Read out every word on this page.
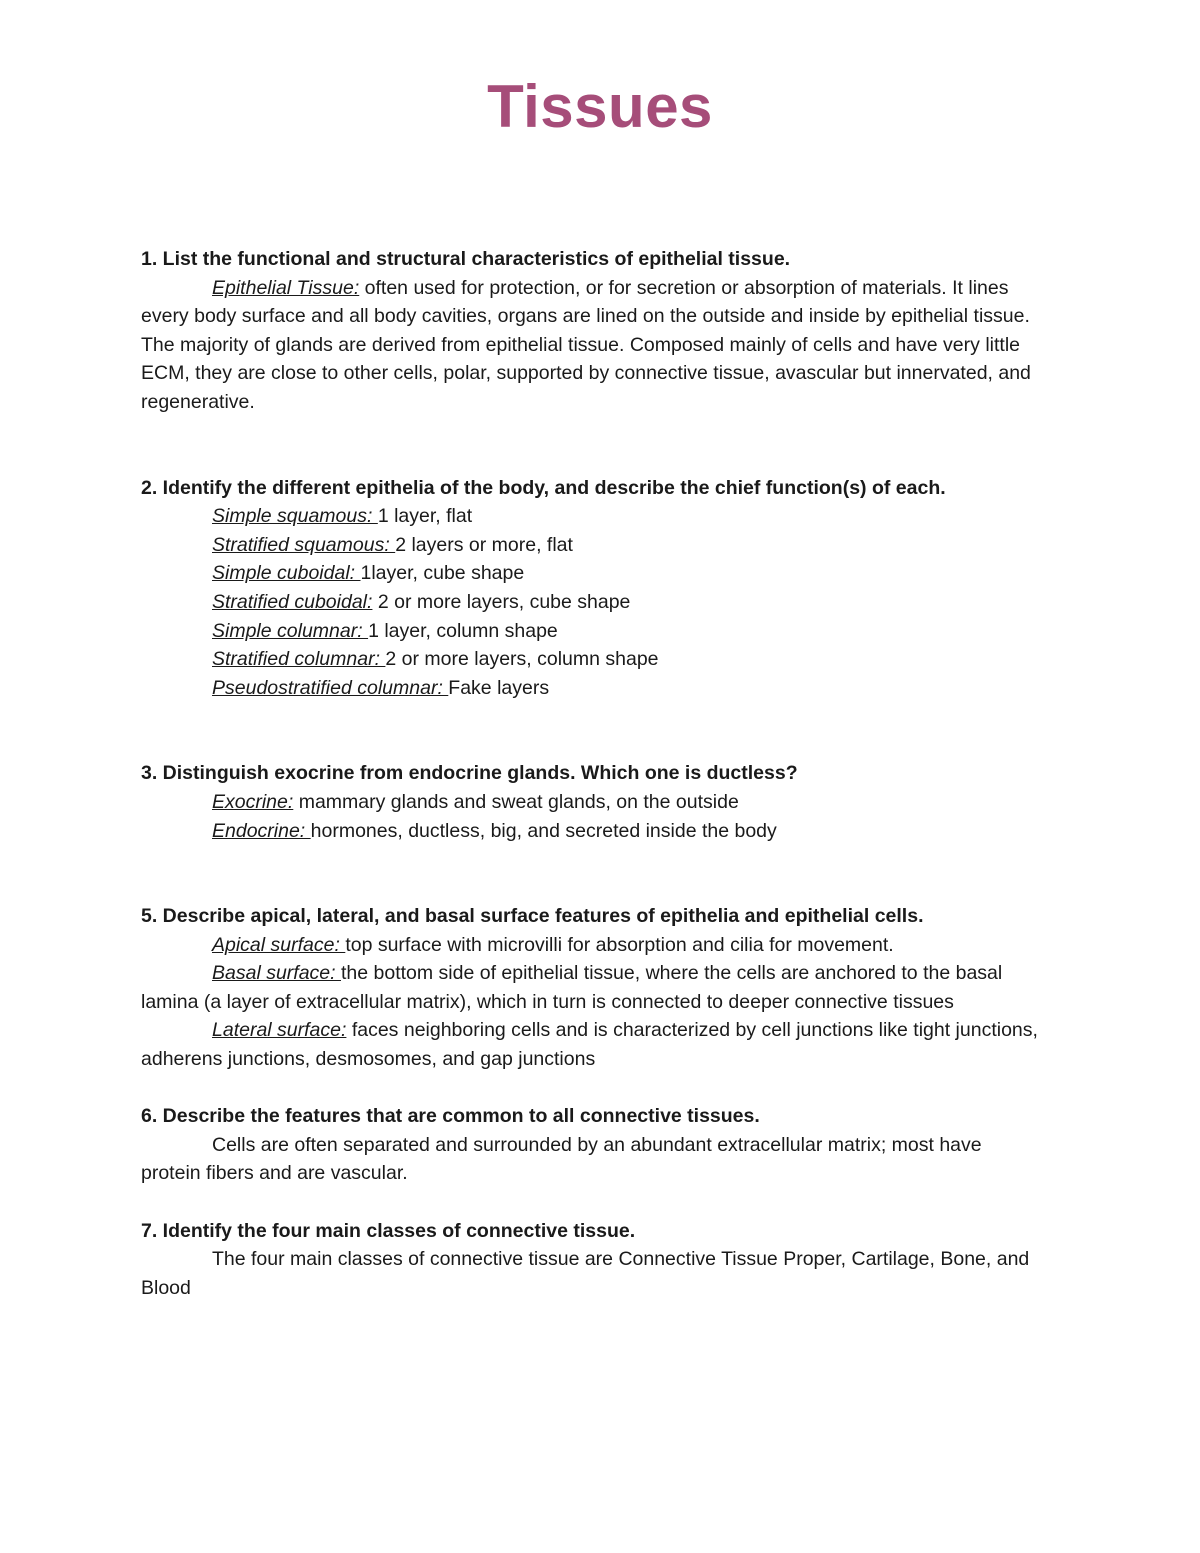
Tissues

1. List the functional and structural characteristics of epithelial tissue.

Epithelial Tissue: often used for protection, or for secretion or absorption of materials. It lines every body surface and all body cavities, organs are lined on the outside and inside by epithelial tissue. The majority of glands are derived from epithelial tissue. Composed mainly of cells and have very little ECM, they are close to other cells, polar, supported by connective tissue, avascular but innervated, and regenerative.

2. Identify the different epithelia of the body, and describe the chief function(s) of each.

Simple squamous: 1 layer, flat

Stratified squamous: 2 layers or more, flat

Simple cuboidal: 1layer, cube shape

Stratified cuboidal: 2 or more layers, cube shape

Simple columnar: 1 layer, column shape

Stratified columnar: 2 or more layers, column shape

Pseudostratified columnar: Fake layers

3. Distinguish exocrine from endocrine glands. Which one is ductless?

Exocrine: mammary glands and sweat glands, on the outside

Endocrine: hormones, ductless, big, and secreted inside the body

5. Describe apical, lateral, and basal surface features of epithelia and epithelial cells.

Apical surface: top surface with microvilli for absorption and cilia for movement.

Basal surface: the bottom side of epithelial tissue, where the cells are anchored to the basal lamina (a layer of extracellular matrix), which in turn is connected to deeper connective tissues

Lateral surface: faces neighboring cells and is characterized by cell junctions like tight junctions, adherens junctions, desmosomes, and gap junctions

6. Describe the features that are common to all connective tissues.

Cells are often separated and surrounded by an abundant extracellular matrix; most have protein fibers and are vascular.

7. Identify the four main classes of connective tissue.

The four main classes of connective tissue are Connective Tissue Proper, Cartilage, Bone, and Blood
